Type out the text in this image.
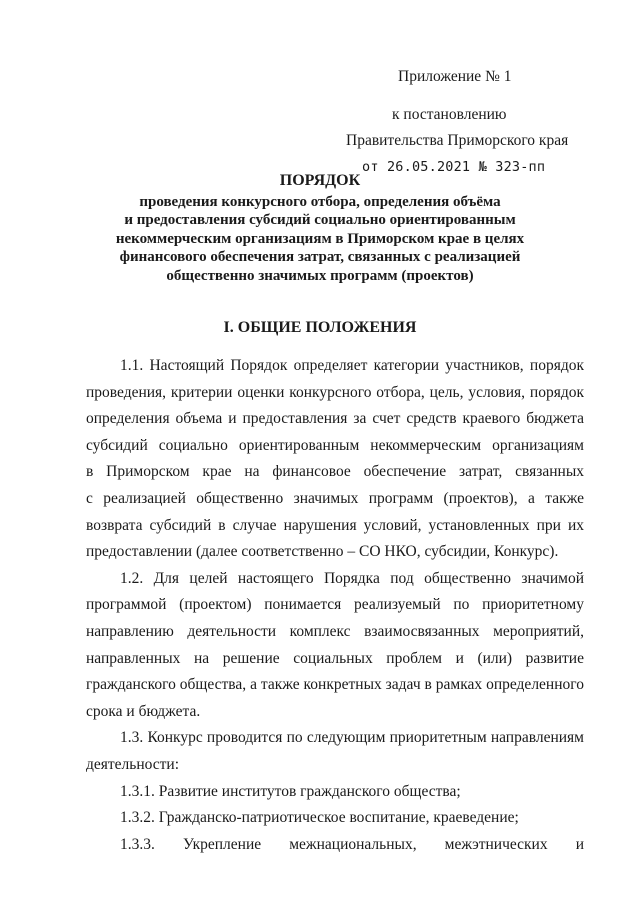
Приложение № 1
к постановлению
Правительства Приморского края
от 26.05.2021 № 323-пп
ПОРЯДОК
проведения конкурсного отбора, определения объёма
и предоставления субсидий социально ориентированным
некоммерческим организациям в Приморском крае в целях
финансового обеспечения затрат, связанных с реализацией
общественно значимых программ (проектов)
I. ОБЩИЕ ПОЛОЖЕНИЯ
1.1. Настоящий Порядок определяет категории участников, порядок
проведения, критерии оценки конкурсного отбора, цель, условия, порядок
определения объема и предоставления за счет средств краевого бюджета
субсидий социально ориентированным некоммерческим организациям
в Приморском крае на финансовое обеспечение затрат, связанных
с реализацией общественно значимых программ (проектов), а также
возврата субсидий в случае нарушения условий, установленных при их
предоставлении (далее соответственно – СО НКО, субсидии, Конкурс).
1.2. Для целей настоящего Порядка под общественно значимой
программой (проектом) понимается реализуемый по приоритетному
направлению деятельности комплекс взаимосвязанных мероприятий,
направленных на решение социальных проблем и (или) развитие
гражданского общества, а также конкретных задач в рамках определенного
срока и бюджета.
1.3. Конкурс проводится по следующим приоритетным направлениям
деятельности:
1.3.1. Развитие институтов гражданского общества;
1.3.2. Гражданско-патриотическое воспитание, краеведение;
1.3.3. Укрепление межнациональных, межэтнических и
